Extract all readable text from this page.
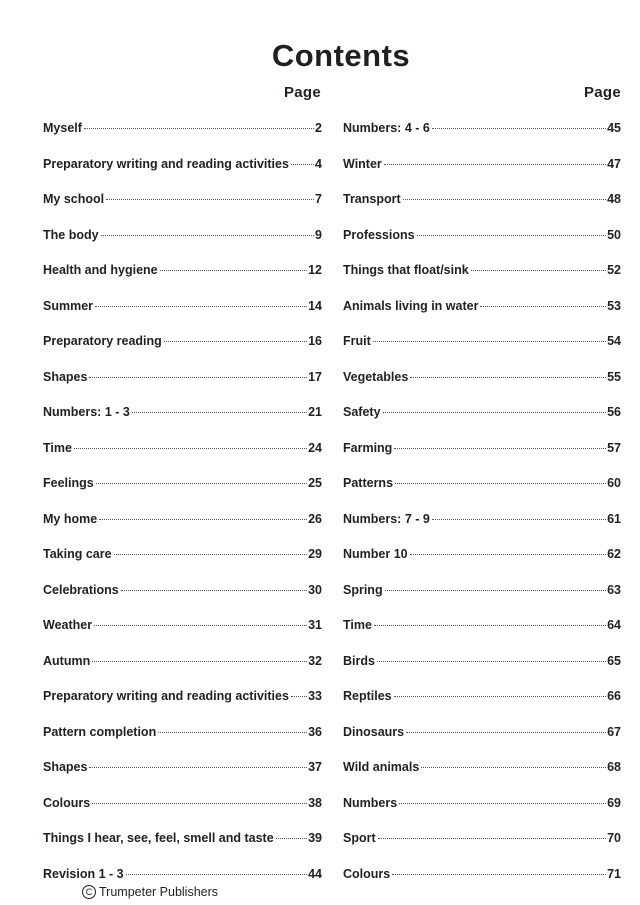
Contents
Page	Page
Myself	2
Preparatory writing and reading activities 4
My school	7
The body	9
Health and hygiene	12
Summer	14
Preparatory reading	16
Shapes	17
Numbers: 1 - 3	21
Time	24
Feelings	25
My home	26
Taking care	29
Celebrations	30
Weather	31
Autumn	32
Preparatory writing and reading activities 33
Pattern completion	36
Shapes	37
Colours	38
Things I hear, see, feel, smell and taste	39
Revision 1 - 3	44
Numbers: 4 - 6	45
Winter	47
Transport	48
Professions	50
Things that float/sink	52
Animals living in water	53
Fruit	54
Vegetables	55
Safety	56
Farming	57
Patterns	60
Numbers: 7 - 9	61
Number 10	62
Spring	63
Time	64
Birds	65
Reptiles	66
Dinosaurs	67
Wild animals	68
Numbers	69
Sport	70
Colours	71
C Trumpeter Publishers
